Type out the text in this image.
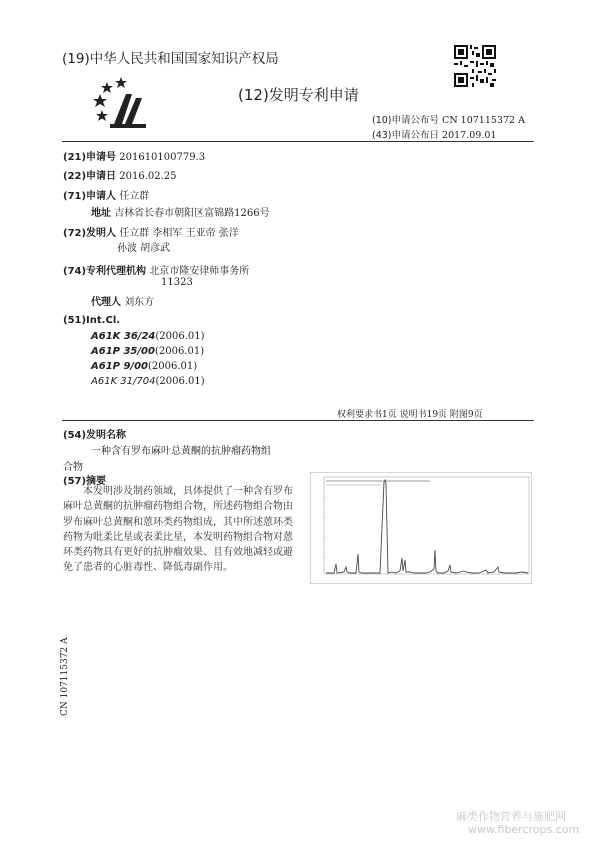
(19)中华人民共和国国家知识产权局
(12)发明专利申请
(10)申请公布号 CN 107115372 A
(43)申请公布日 2017.09.01
(21)申请号 201610100779.3
(22)申请日 2016.02.25
(71)申请人 任立群
地址 吉林省长春市朝阳区富锦路1266号
(72)发明人 任立群 李相军 王亚帝 张洋
孙波 胡彦武
(74)专利代理机构 北京市隆安律师事务所
11323
代理人 刘东方
(51)Int.Cl.
A61K 36/24(2006.01)
A61P 35/00(2006.01)
A61P 9/00(2006.01)
A61K 31/704(2006.01)
权利要求书1页 说明书19页 附图9页
(54)发明名称
一种含有罗布麻叶总黄酮的抗肿瘤药物组
合物
(57)摘要
本发明涉及制药领域，具体提供了一种含有罗布麻叶总黄酮的抗肿瘤药物组合物，所述药物组合物由罗布麻叶总黄酮和蒽环类药物组成，其中所述蒽环类药物为吡柔比星或表柔比星，本发明药物组合物对蒽环类药物具有更好的抗肿瘤效果、且有效地减轻或避免了患者的心脏毒性、降低毒副作用。
CN 107115372 A
麻类作物营养与施肥网
www.fibercrops.com
